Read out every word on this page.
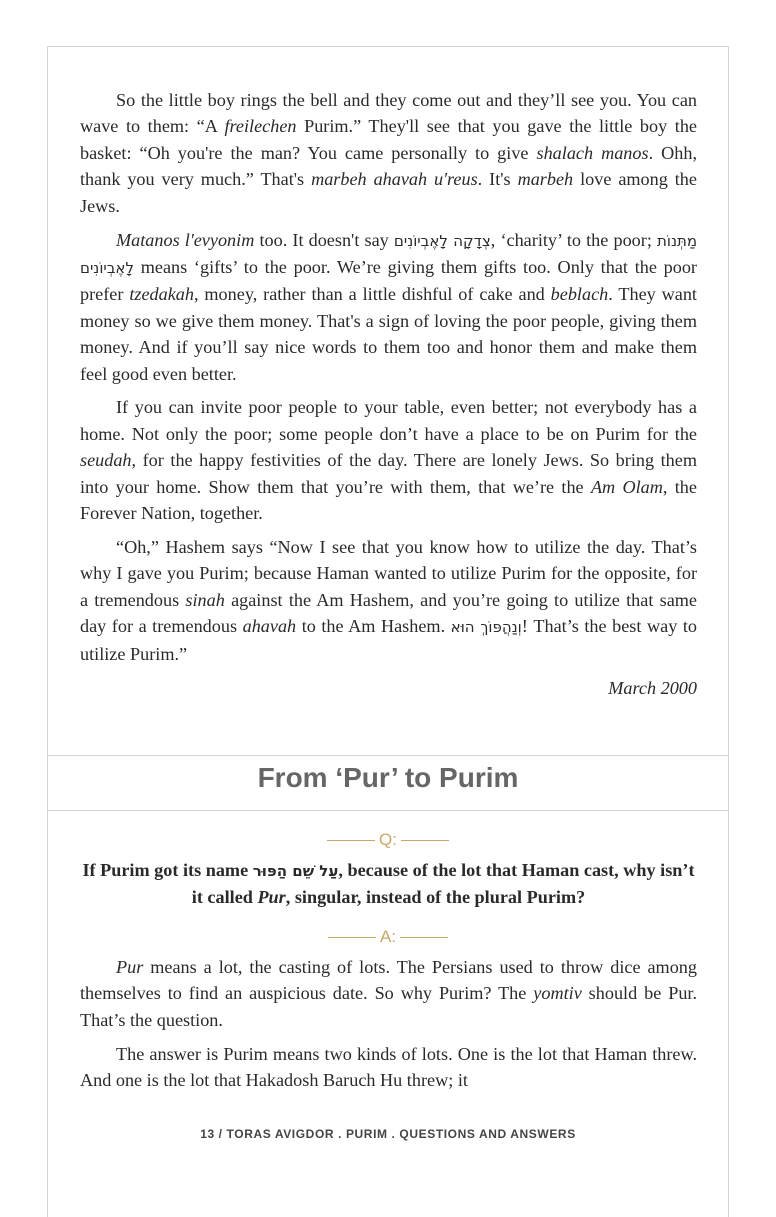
So the little boy rings the bell and they come out and they’ll see you. You can wave to them: “A freilechen Purim.” They'll see that you gave the little boy the basket: “Oh you're the man? You came personally to give shalach manos. Ohh, thank you very much.” That's marbeh ahavah u'reus. It's marbeh love among the Jews.

Matanos l'evyonim too. It doesn't say צְדָקָה לָאֶבְיוֹנִים, ‘charity’ to the poor; מַתְּנוֹת לָאֶבְיוֹנִים means ‘gifts’ to the poor. We’re giving them gifts too. Only that the poor prefer tzedakah, money, rather than a little dishful of cake and beblach. They want money so we give them money. That's a sign of loving the poor people, giving them money. And if you’ll say nice words to them too and honor them and make them feel good even better.

If you can invite poor people to your table, even better; not everybody has a home. Not only the poor; some people don’t have a place to be on Purim for the seudah, for the happy festivities of the day. There are lonely Jews. So bring them into your home. Show them that you’re with them, that we’re the Am Olam, the Forever Nation, together.

“Oh,” Hashem says “Now I see that you know how to utilize the day. That’s why I gave you Purim; because Haman wanted to utilize Purim for the opposite, for a tremendous sinah against the Am Hashem, and you’re going to utilize that same day for a tremendous ahavah to the Am Hashem. וְנַהֲפּוֹךְ הוּא! That’s the best way to utilize Purim.”

March 2000
From ‘Pur’ to Purim
Q:
If Purim got its name עַל שֵׁם הַפּוּר, because of the lot that Haman cast, why isn’t it called Pur, singular, instead of the plural Purim?
A:

Pur means a lot, the casting of lots. The Persians used to throw dice among themselves to find an auspicious date. So why Purim? The yomtiv should be Pur. That’s the question.

The answer is Purim means two kinds of lots. One is the lot that Haman threw. And one is the lot that Hakadosh Baruch Hu threw; it

13 / TORAS AVIGDOR . PURIM . QUESTIONS AND ANSWERS
